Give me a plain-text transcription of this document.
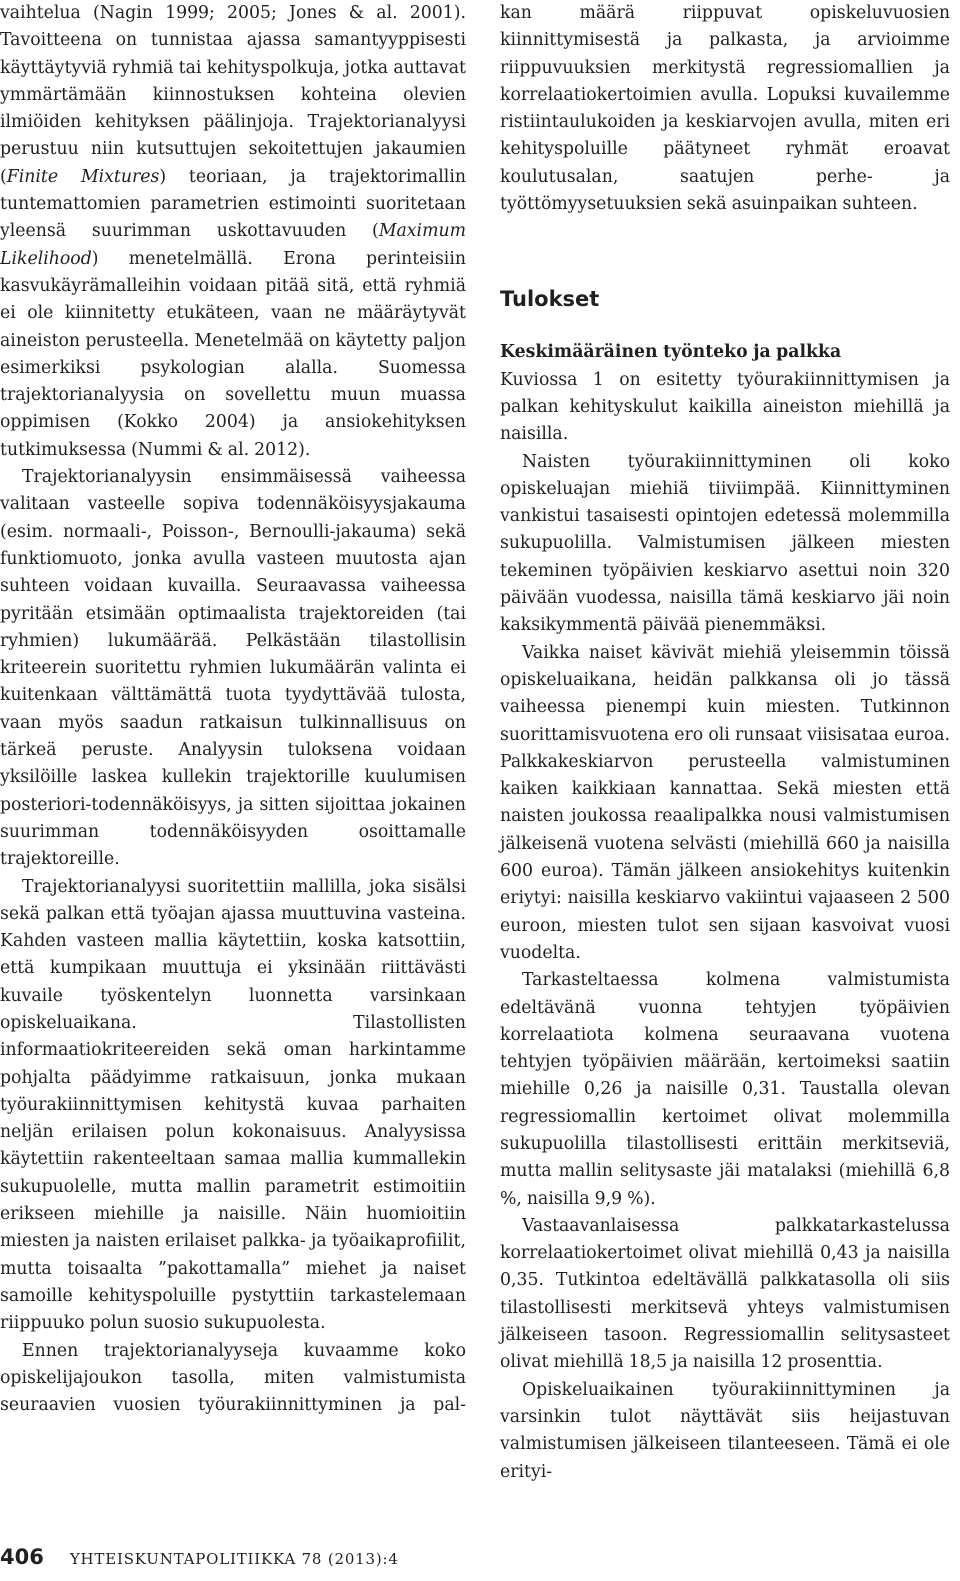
vaihtelua (Nagin 1999; 2005; Jones & al. 2001). Tavoitteena on tunnistaa ajassa samantyyppisesti käyttäytyviä ryhmiä tai kehityspolkuja, jotka auttavat ymmärtämään kiinnostuksen kohteina olevien ilmiöiden kehityksen päälinjoja. Trajektorianalyysi perustuu niin kutsuttujen sekoitettujen jakaumien (Finite Mixtures) teoriaan, ja trajektorimallin tuntemattomien parametrien estimointi suoritetaan yleensä suurimman uskottavuuden (Maximum Likelihood) menetelmällä. Erona perinteisiin kasvukäyrämalleihin voidaan pitää sitä, että ryhmiä ei ole kiinnitetty etukäteen, vaan ne määräytyvät aineiston perusteella. Menetelmää on käytetty paljon esimerkiksi psykologian alalla. Suomessa trajektorianalyysia on sovellettu muun muassa oppimisen (Kokko 2004) ja ansiokehityksen tutkimuksessa (Nummi & al. 2012).

Trajektorianalyysin ensimmäisessä vaiheessa valitaan vasteelle sopiva todennäköisyysjakauma (esim. normaali-, Poisson-, Bernoulli-jakauma) sekä funktiomuoto, jonka avulla vasteen muutosta ajan suhteen voidaan kuvailla. Seuraavassa vaiheessa pyritään etsimään optimaalista trajektoreiden (tai ryhmien) lukumäärää. Pelkästään tilastollisin kriteerein suoritettu ryhmien lukumäärän valinta ei kuitenkaan välttämättä tuota tyydyttävää tulosta, vaan myös saadun ratkaisun tulkinnallisuus on tärkeä peruste. Analyysin tuloksena voidaan yksilöille laskea kullekin trajektorille kuulumisen posteriori-todennäköisyys, ja sitten sijoittaa jokainen suurimman todennäköisyyden osoittamalle trajektoreille.

Trajektorianalyysi suoritettiin mallilla, joka sisälsi sekä palkan että työajan ajassa muuttuvina vasteina. Kahden vasteen mallia käytettiin, koska katsottiin, että kumpikaan muuttuja ei yksinään riittävästi kuvaile työskentelyn luonnetta varsinkaan opiskeluaikana. Tilastollisten informaatiokriteereiden sekä oman harkintamme pohjalta päädyimme ratkaisuun, jonka mukaan työurakiinnittymisen kehitystä kuvaa parhaiten neljän erilaisen polun kokonaisuus. Analyysissa käytettiin rakenteeltaan samaa mallia kummallekin sukupuolelle, mutta mallin parametrit estimoitiin erikseen miehille ja naisille. Näin huomioitiin miesten ja naisten erilaiset palkka- ja työaikaprofiilit, mutta toisaalta ”pakottamalla” miehet ja naiset samoille kehityspoluille pystyttiin tarkastelemaan riippuuko polun suosio sukupuolesta.

Ennen trajektorianalyyseja kuvaamme koko opiskelijajoukon tasolla, miten valmistumista seuraavien vuosien työurakiinnittyminen ja pal-

kan määrä riippuvat opiskeluvuosien kiinnittymisestä ja palkasta, ja arvioimme riippuvuuksien merkitystä regressiomallien ja korrelaatiokertoimien avulla. Lopuksi kuvailemme ristiintaulukoiden ja keskiarvojen avulla, miten eri kehityspoluille päätyneet ryhmät eroavat koulutusalan, saatujen perhe- ja työttömyysetuuksien sekä asuinpaikan suhteen.

Tulokset
Keskimääräinen työnteko ja palkka

Kuviossa 1 on esitetty työurakiinnittymisen ja palkan kehityskulut kaikilla aineiston miehillä ja naisilla.

Naisten työurakiinnittyminen oli koko opiskeluajan miehiä tiiviimpää. Kiinnittyminen vankistui tasaisesti opintojen edetessä molemmilla sukupuolilla. Valmistumisen jälkeen miesten tekeminen työpäivien keskiarvo asettui noin 320 päivään vuodessa, naisilla tämä keskiarvo jäi noin kaksikymmentä päivää pienemmäksi.

Vaikka naiset kävivät miehiä yleisemmin töissä opiskeluaikana, heidän palkkansa oli jo tässä vaiheessa pienempi kuin miesten. Tutkinnon suorittamisvuotena ero oli runsaat viisisataa euroa. Palkkakeskiarvon perusteella valmistuminen kaiken kaikkiaan kannattaa. Sekä miesten että naisten joukossa reaalipalkka nousi valmistumisen jälkeisenä vuotena selvästi (miehillä 660 ja naisilla 600 euroa). Tämän jälkeen ansiokehitys kuitenkin eriytyi: naisilla keskiarvo vakiintui vajaaseen 2 500 euroon, miesten tulot sen sijaan kasvoivat vuosi vuodelta.

Tarkasteltaessa kolmena valmistumista edeltävänä vuonna tehtyjen työpäivien korrelaatiota kolmena seuraavana vuotena tehtyjen työpäivien määrään, kertoimeksi saatiin miehille 0,26 ja naisille 0,31. Taustalla olevan regressiomallin kertoimet olivat molemmilla sukupuolilla tilastollisesti erittäin merkitseviä, mutta mallin selitysaste jäi matalaksi (miehillä 6,8 %, naisilla 9,9 %).

Vastaavanlaisessa palkkatarkastelussa korrelaatiokertoimet olivat miehillä 0,43 ja naisilla 0,35. Tutkintoa edeltävällä palkkatasolla oli siis tilastollisesti merkitsevä yhteys valmistumisen jälkeiseen tasoon. Regressiomallin selitysasteet olivat miehillä 18,5 ja naisilla 12 prosenttia.

Opiskeluaikainen työurakiinnittyminen ja varsinkin tulot näyttävät siis heijastuvan valmistumisen jälkeiseen tilanteeseen. Tämä ei ole erityi-

406 YHTEISKUNTAPOLITIIKKA 78 (2013):4
